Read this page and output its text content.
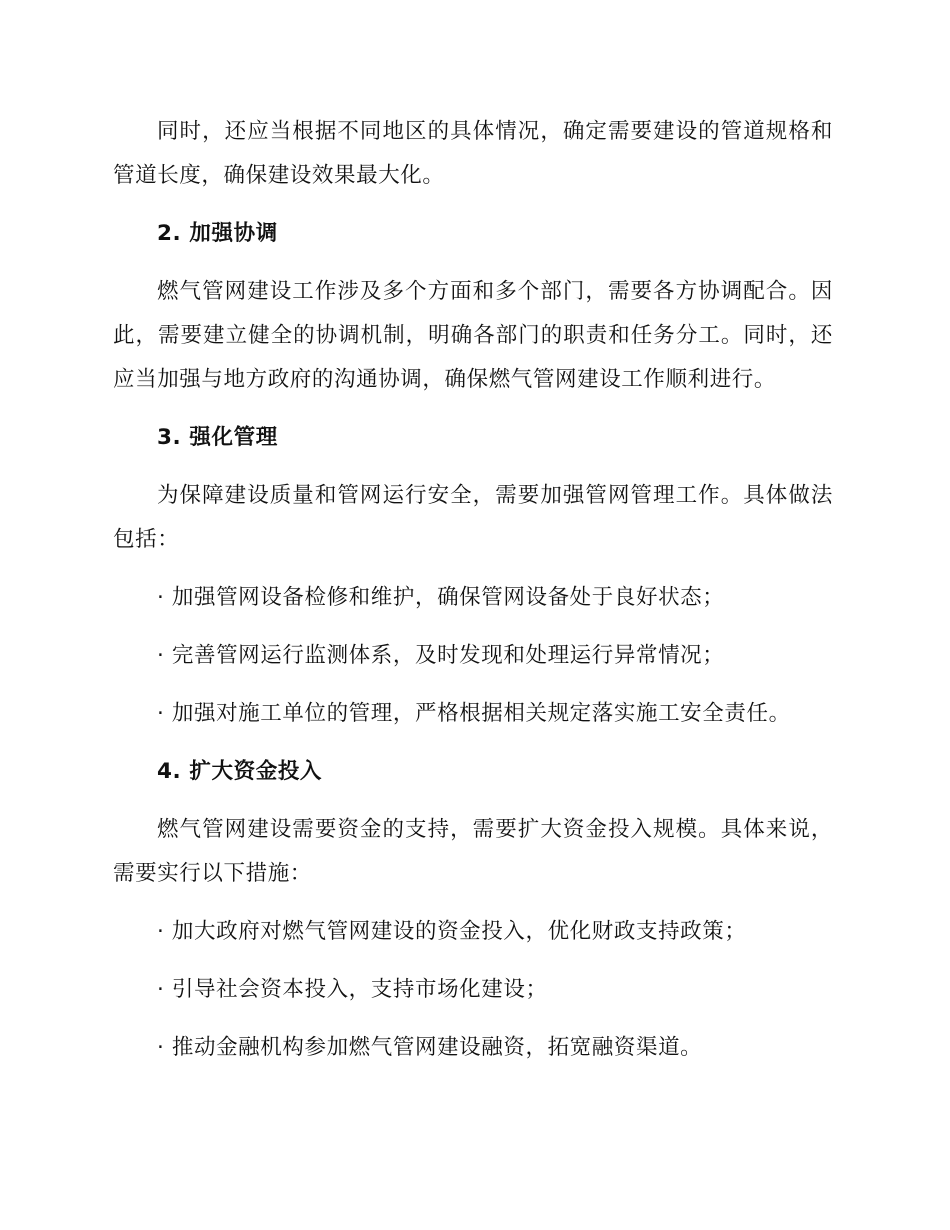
同时，还应当根据不同地区的具体情况，确定需要建设的管道规格和管道长度，确保建设效果最大化。

2. 加强协调

燃气管网建设工作涉及多个方面和多个部门，需要各方协调配合。因此，需要建立健全的协调机制，明确各部门的职责和任务分工。同时，还应当加强与地方政府的沟通协调，确保燃气管网建设工作顺利进行。

3. 强化管理

为保障建设质量和管网运行安全，需要加强管网管理工作。具体做法包括：

· 加强管网设备检修和维护，确保管网设备处于良好状态；
· 完善管网运行监测体系，及时发现和处理运行异常情况；
· 加强对施工单位的管理，严格根据相关规定落实施工安全责任。
4. 扩大资金投入

燃气管网建设需要资金的支持，需要扩大资金投入规模。具体来说，需要实行以下措施：

· 加大政府对燃气管网建设的资金投入，优化财政支持政策；
· 引导社会资本投入，支持市场化建设；
· 推动金融机构参加燃气管网建设融资，拓宽融资渠道。
